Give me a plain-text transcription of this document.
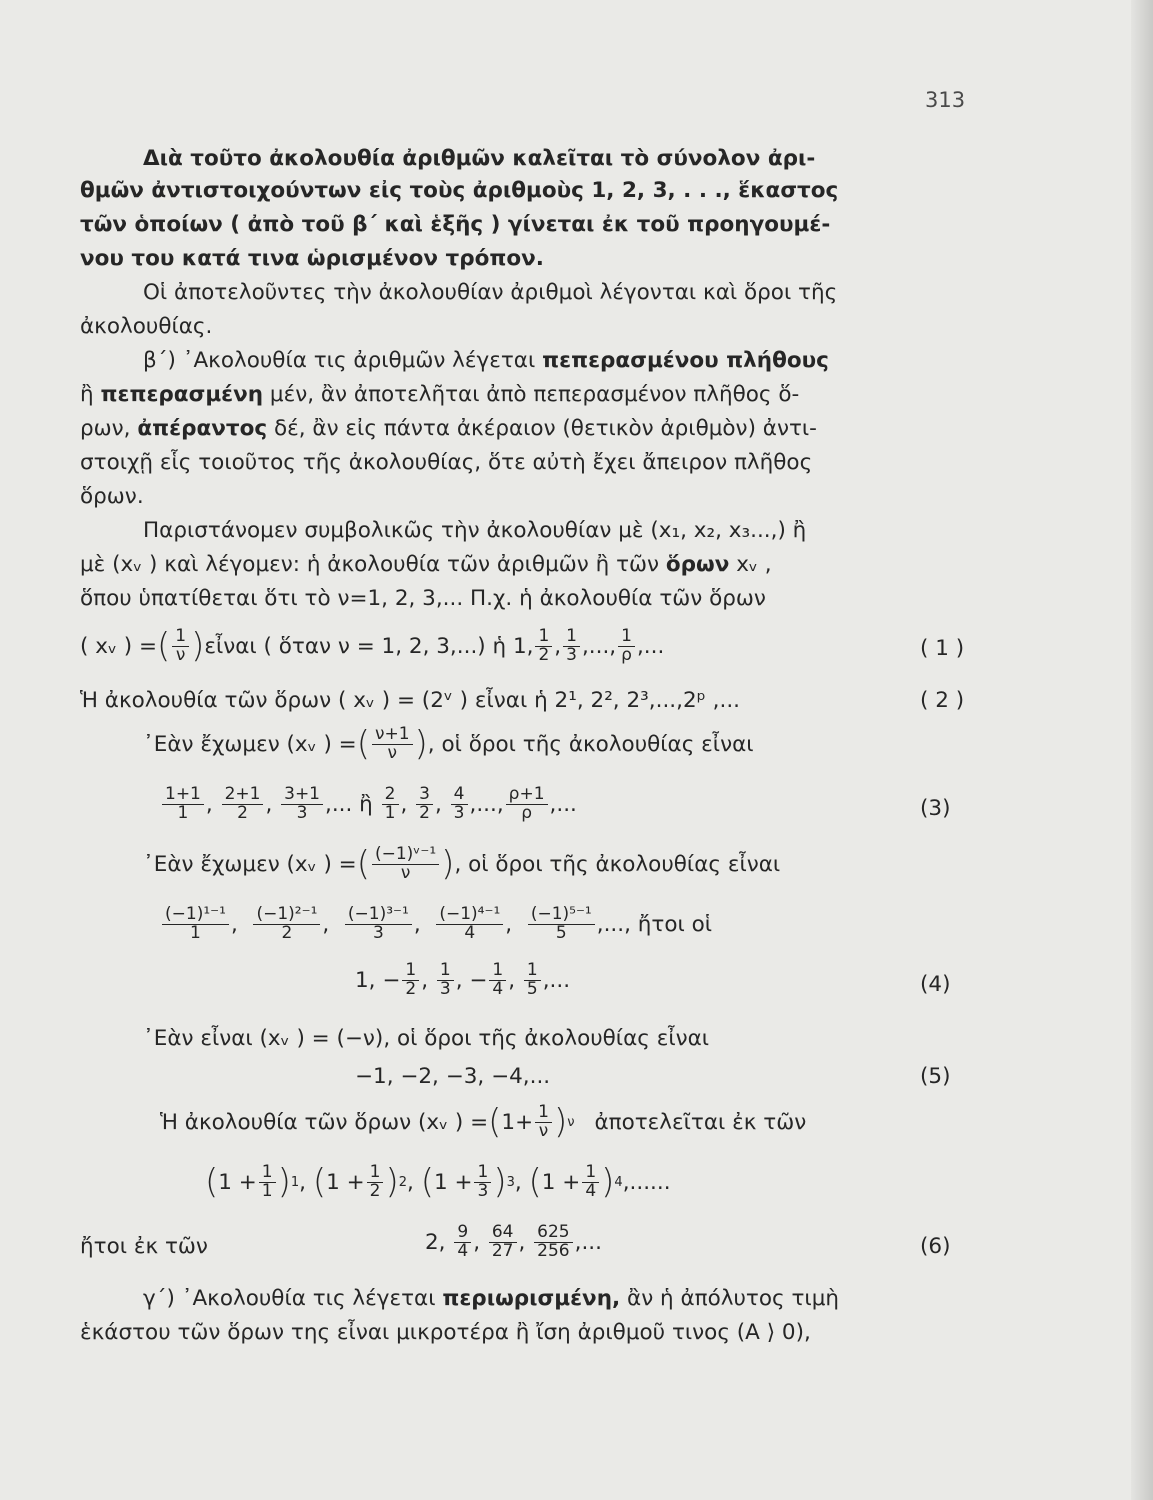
313
Διὰ τοῦτο ἀκολουθία ἀριθμῶν καλεῖται τὸ σύνολον ἀρι-
θμῶν ἀντιστοιχούντων εἰς τοὺς ἀριθμοὺς 1, 2, 3, . . ., ἕκαστος
τῶν ὁποίων ( ἀπὸ τοῦ β΄ καὶ ἑξῆς ) γίνεται ἐκ τοῦ προηγουμέ-
νου του κατά τινα ὡρισμένον τρόπον.
Οἱ ἀποτελοῦντες τὴν ἀκολουθίαν ἀριθμοὶ λέγονται καὶ ὅροι τῆς
ἀκολουθίας.
β΄) ᾿Ακολουθία τις ἀριθμῶν λέγεται πεπερασμένου πλήθους
ἢ πεπερασμένη μέν, ἂν ἀποτελῆται ἀπὸ πεπερασμένον πλῆθος ὅ-
ρων, ἀπέραντος δέ, ἂν εἰς πάντα ἀκέραιον (θετικὸν ἀριθμὸν) ἀντι-
στοιχῇ εἷς τοιοῦτος τῆς ἀκολουθίας, ὅτε αὐτὴ ἔχει ἄπειρον πλῆθος
ὅρων.
Παριστάνομεν συμβολικῶς τὴν ἀκολουθίαν μὲ (x₁, x₂, x₃...,) ἢ
μὲ (xᵥ ) καὶ λέγομεν: ἡ ἀκολουθία τῶν ἀριθμῶν ἢ τῶν ὅρων xᵥ ,
ὅπου ὑπατίθεται ὅτι τὸ ν=1, 2, 3,... Π.χ. ἡ ἀκολουθία τῶν ὅρων
( xᵥ ) = ( $\frac{1}{\nu}$ ) εἶναι ( ὅταν ν = 1, 2, 3,...) ἡ 1, $\frac{1}{2}$ , $\frac{1}{3}$ ,..., $\frac{1}{\rho}$ ,...	( 1 )
Ἡ ἀκολουθία τῶν ὅρων ( xᵥ ) = (2ᵛ ) εἶναι ἡ 2¹, 2², 2³,...,2ᵖ ,...	( 2 )
᾿Εὰν ἔχωμεν (xᵥ ) = ( $\frac{\nu+1}{\nu}$ ) , οἱ ὅροι τῆς ἀκολουθίας εἶναι
$\frac{1+1}{1}$ , $\frac{2+1}{2}$ , $\frac{3+1}{3}$ ,... ἢ
$\frac{2}{1}$ , $\frac{3}{2}$ , $\frac{4}{3}$ ,..., $\frac{\rho+1}{\rho}$ ,...	(3)
᾿Εὰν ἔχωμεν (xᵥ ) = ( $\frac{\text{(−1)ᵛ⁻¹}}{\nu}$ ) , οἱ ὅροι τῆς ἀκολουθίας εἶναι
$\frac{\text{(−1)¹⁻¹}}{1}$ , $\frac{\text{(−1)²⁻¹}}{2}$ , $\frac{\text{(−1)³⁻¹}}{3}$ , $\frac{\text{(−1)⁴⁻¹}}{4}$ , $\frac{\text{(−1)⁵⁻¹}}{5}$ ,..., ἤτοι οἱ
1, − $\frac{1}{2}$ , $\frac{1}{3}$ , − $\frac{1}{4}$ , $\frac{1}{5}$ ,...	(4)
᾿Εὰν εἶναι (xᵥ ) = (−ν), οἱ ὅροι τῆς ἀκολουθίας εἶναι
−1, −2, −3, −4,...	(5)
Ἡ ἀκολουθία τῶν ὅρων (xᵥ ) = ( $1+ \frac{1}{\nu}$ ) ν ἀποτελεῖται ἐκ τῶν
( $1 + \frac{1}{1}$ ) 1 , ( $1 + \frac{1}{2}$ ) 2 , ( $1 + \frac{1}{3}$ ) 3 , ( $1 + \frac{1}{4}$ ) 4 ,......
ἤτοι ἐκ τῶν	2,
$\frac{9}{4}$ , $\frac{64}{27}$ , $\frac{625}{256}$ ,...	(6)
γ΄) ᾿Ακολουθία τις λέγεται περιωρισμένη, ἂν ἡ ἀπόλυτος τιμὴ
ἑκάστου τῶν ὅρων της εἶναι μικροτέρα ἢ ἴση ἀριθμοῦ τινος (Α ⟩ 0),
